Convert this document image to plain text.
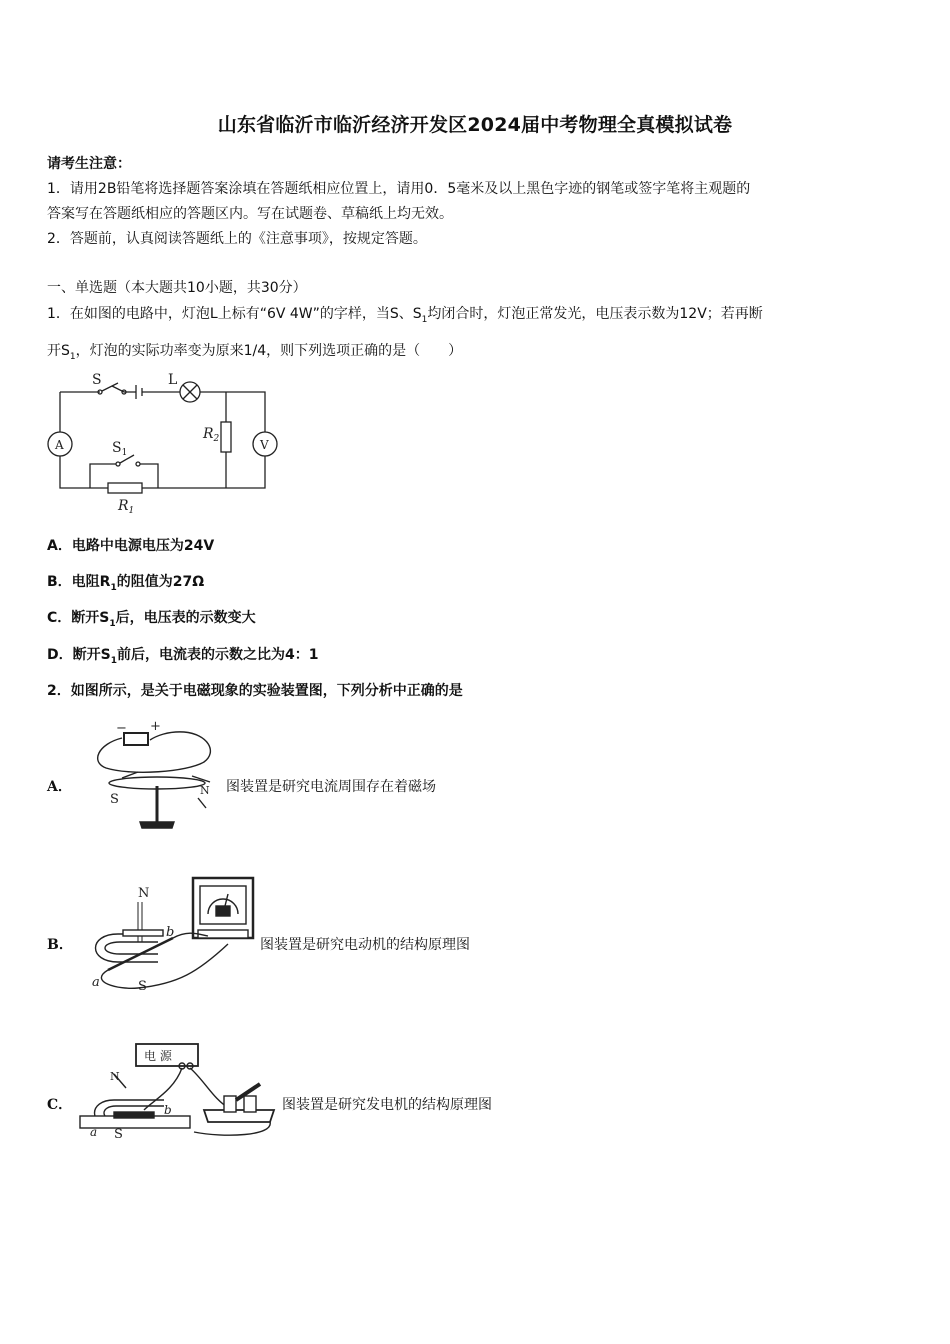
山东省临沂市临沂经济开发区2024届中考物理全真模拟试卷
请考生注意：
1．请用2B铅笔将选择题答案涂填在答题纸相应位置上，请用0．5毫米及以上黑色字迹的钢笔或签字笔将主观题的
答案写在答题纸相应的答题区内。写在试题卷、草稿纸上均无效。
2．答题前，认真阅读答题纸上的《注意事项》，按规定答题。
一、单选题（本大题共10小题，共30分）
1．在如图的电路中，灯泡L上标有“6V 4W”的字样，当S、$S_1$均闭合时，灯泡正常发光，电压表示数为12V；若再断
开$S_1$，灯泡的实际功率变为原来1/4，则下列选项正确的是（　　）
S	L
A	V
$S_1$
$R_1$
$R_2$
A．电路中电源电压为24V
B．电阻$R_1$的阻值为27Ω
C．断开$S_1$后，电压表的示数变大
D．断开$S_1$前后，电流表的示数之比为4：1
2．如图所示，是关于电磁现象的实验装置图，下列分析中正确的是
A．
− +
S
N 图装置是研究电流周围存在着磁场
B．
N
S
a
b
图装置是研究电动机的结构原理图
C．
电 源
N
S
a
b	图装置是研究发电机的结构原理图
